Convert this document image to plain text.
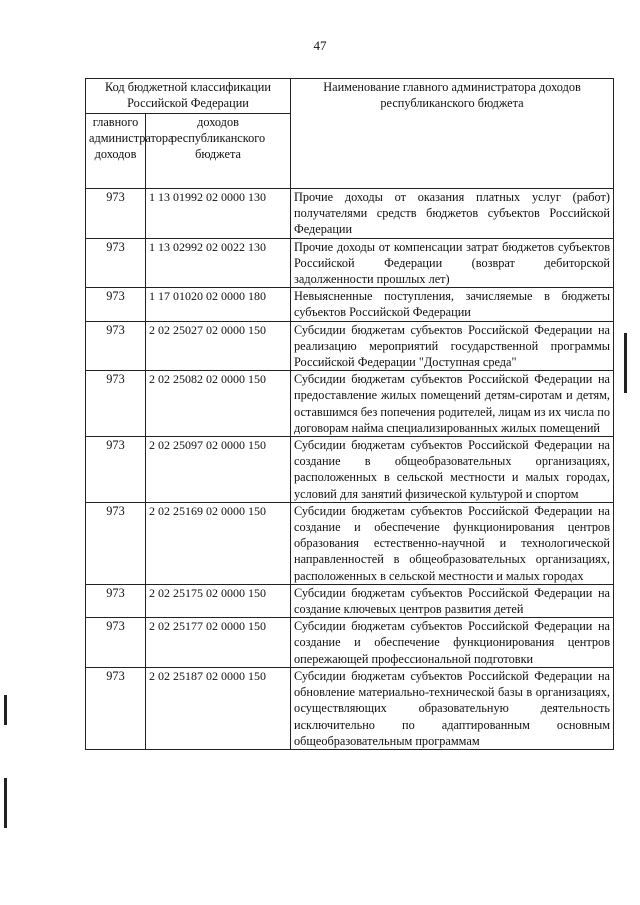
47
Код бюджетной классификации Российской Федерации		Наименование главного администратора доходов республиканского бюджета
главного администратора доходов	доходов республиканского бюджета	
973	1 13 01992 02 0000 130	Прочие доходы от оказания платных услуг (работ) получателями средств бюджетов субъектов Российской Федерации
973	1 13 02992 02 0022 130	Прочие доходы от компенсации затрат бюджетов субъектов Российской Федерации (возврат дебиторской задолженности прошлых лет)
973	1 17 01020 02 0000 180	Невыясненные поступления, зачисляемые в бюджеты субъектов Российской Федерации
973	2 02 25027 02 0000 150	Субсидии бюджетам субъектов Российской Федерации на реализацию мероприятий государственной программы Российской Федерации "Доступная среда"
973	2 02 25082 02 0000 150	Субсидии бюджетам субъектов Российской Федерации на предоставление жилых помещений детям-сиротам и детям, оставшимся без попечения родителей, лицам из их числа по договорам найма специализированных жилых помещений
973	2 02 25097 02 0000 150	Субсидии бюджетам субъектов Российской Федерации на создание в общеобразовательных организациях, расположенных в сельской местности и малых городах, условий для занятий физической культурой и спортом
973	2 02 25169 02 0000 150	Субсидии бюджетам субъектов Российской Федерации на создание и обеспечение функционирования центров образования естественно-научной и технологической направленностей в общеобразовательных организациях, расположенных в сельской местности и малых городах
973	2 02 25175 02 0000 150	Субсидии бюджетам субъектов Российской Федерации на создание ключевых центров развития детей
973	2 02 25177 02 0000 150	Субсидии бюджетам субъектов Российской Федерации на создание и обеспечение функционирования центров опережающей профессиональной подготовки
973	2 02 25187 02 0000 150	Субсидии бюджетам субъектов Российской Федерации на обновление материально-технической базы в организациях, осуществляющих образовательную деятельность исключительно по адаптированным основным общеобразовательным программам
